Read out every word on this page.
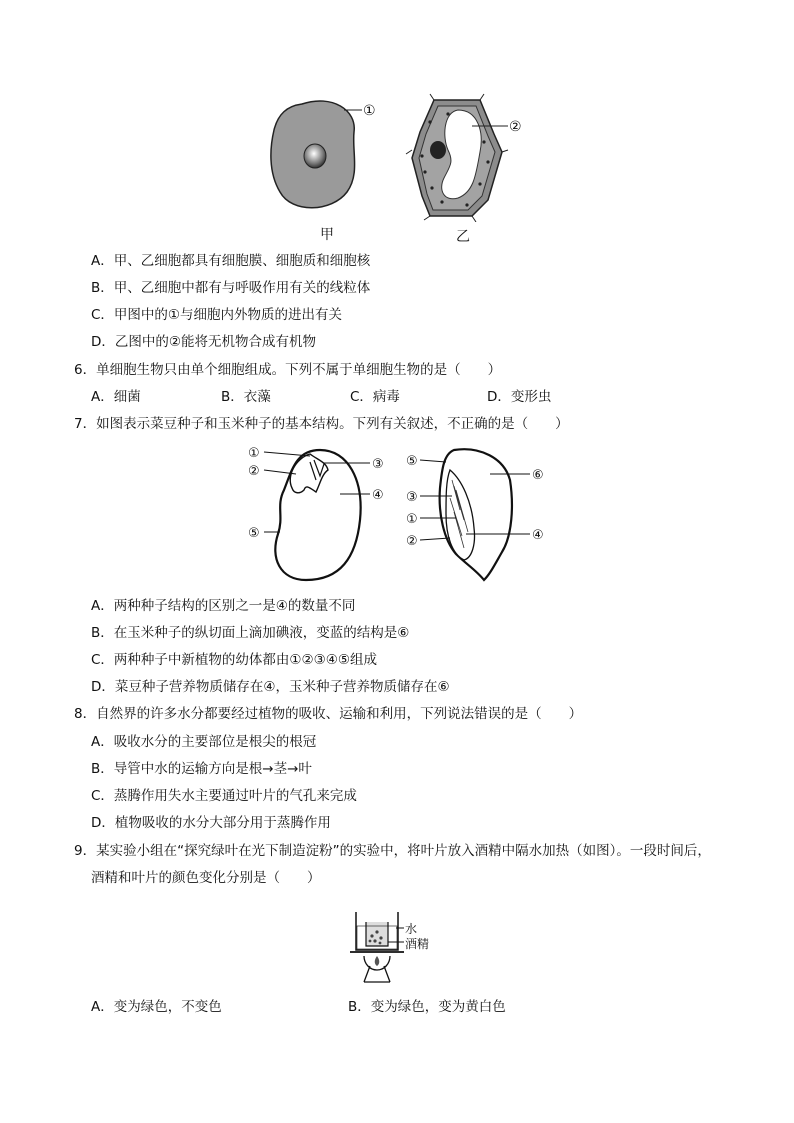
①
②
甲	乙
A．甲、乙细胞都具有细胞膜、细胞质和细胞核
B．甲、乙细胞中都有与呼吸作用有关的线粒体
C．甲图中的①与细胞内外物质的进出有关
D．乙图中的②能将无机物合成有机物
6．单细胞生物只由单个细胞组成。下列不属于单细胞生物的是（　　）
A．细菌	B．衣藻	C．病毒	D．变形虫
7．如图表示菜豆种子和玉米种子的基本结构。下列有关叙述，不正确的是（　　）
①
②	③
④
⑤
⑤
⑥
③
①
②	④
A．两种种子结构的区别之一是④的数量不同
B．在玉米种子的纵切面上滴加碘液，变蓝的结构是⑥
C．两种种子中新植物的幼体都由①②③④⑤组成
D．菜豆种子营养物质储存在④，玉米种子营养物质储存在⑥
8．自然界的许多水分都要经过植物的吸收、运输和利用，下列说法错误的是（　　）
A．吸收水分的主要部位是根尖的根冠
B．导管中水的运输方向是根→茎→叶
C．蒸腾作用失水主要通过叶片的气孔来完成
D．植物吸收的水分大部分用于蒸腾作用
9．某实验小组在“探究绿叶在光下制造淀粉”的实验中，将叶片放入酒精中隔水加热（如图）。一段时间后，
酒精和叶片的颜色变化分别是（　　）
水
酒精
A．变为绿色，不变色	B．变为绿色，变为黄白色
